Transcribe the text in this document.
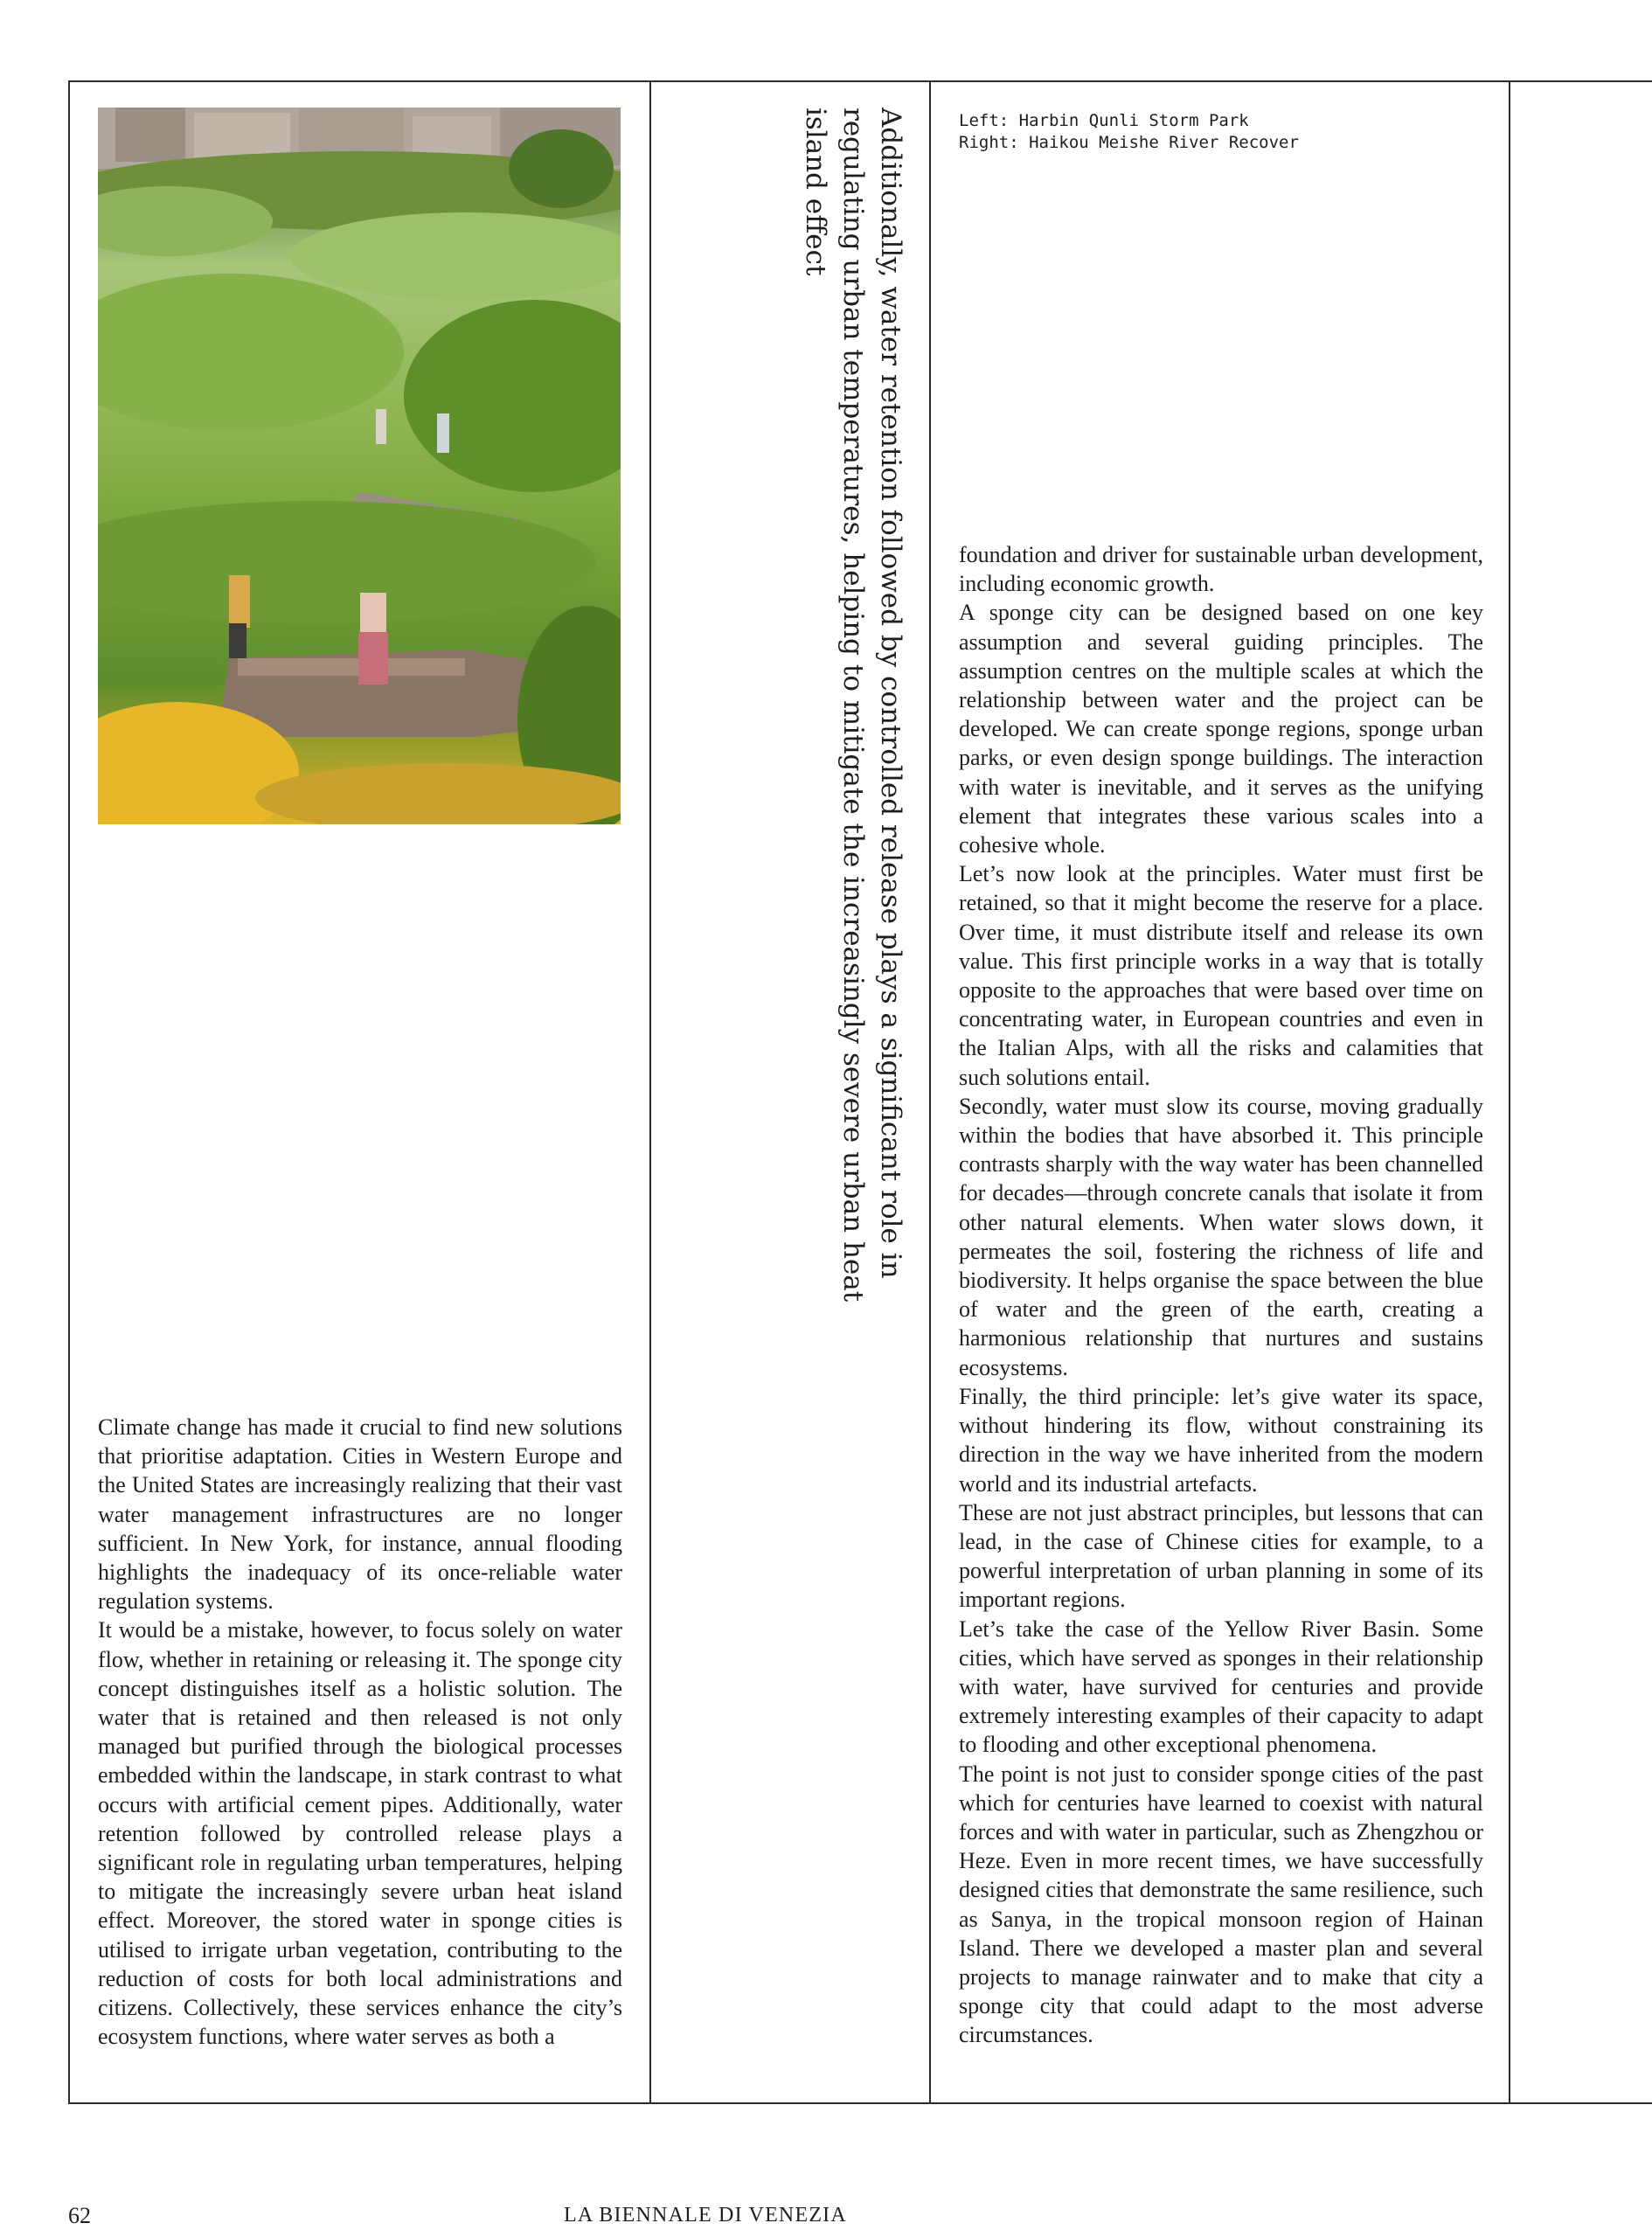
Additionally, water retention followed by controlled release plays a significant role in regulating urban temperatures, helping to mitigate the increasingly severe urban heat island effect	Left: Harbin Qunli Storm Park
Right: Haikou Meishe River Recover

Climate change has made it crucial to find new solutions that prioritise adaptation. Cities in Western Europe and the United States are increasingly realizing that their vast water management infrastructures are no longer sufficient. In New York, for instance, annual flooding highlights the inadequacy of its once-reliable water regulation systems.

It would be a mistake, however, to focus solely on water flow, whether in retaining or releasing it. The sponge city concept distinguishes itself as a holistic solution. The water that is retained and then released is not only managed but purified through the biological processes embedded within the landscape, in stark contrast to what occurs with artificial cement pipes. Additionally, water retention followed by controlled release plays a significant role in regulating urban temperatures, helping to mitigate the increasingly severe urban heat island effect. Moreover, the stored water in sponge cities is utilised to irrigate urban vegetation, contributing to the reduction of costs for both local administrations and citizens. Collectively, these services enhance the city’s ecosystem functions, where water serves as both a

foundation and driver for sustainable urban development, including economic growth.

A sponge city can be designed based on one key assumption and several guiding principles. The assumption centres on the multiple scales at which the relationship between water and the project can be developed. We can create sponge regions, sponge urban parks, or even design sponge buildings. The interaction with water is inevitable, and it serves as the unifying element that integrates these various scales into a cohesive whole.

Let’s now look at the principles. Water must first be retained, so that it might become the reserve for a place. Over time, it must distribute itself and release its own value. This first principle works in a way that is totally opposite to the approaches that were based over time on concentrating water, in European countries and even in the Italian Alps, with all the risks and calamities that such solutions entail.

Secondly, water must slow its course, moving gradually within the bodies that have absorbed it. This principle contrasts sharply with the way water has been channelled for decades—through concrete canals that isolate it from other natural elements. When water slows down, it permeates the soil, fostering the richness of life and biodiversity. It helps organise the space between the blue of water and the green of the earth, creating a harmonious relationship that nurtures and sustains ecosystems.

Finally, the third principle: let’s give water its space, without hindering its flow, without constraining its direction in the way we have inherited from the modern world and its industrial artefacts.

These are not just abstract principles, but lessons that can lead, in the case of Chinese cities for example, to a powerful interpretation of urban planning in some of its important regions.

Let’s take the case of the Yellow River Basin. Some cities, which have served as sponges in their relationship with water, have survived for centuries and provide extremely interesting examples of their capacity to adapt to flooding and other exceptional phenomena.

The point is not just to consider sponge cities of the past which for centuries have learned to coexist with natural forces and with water in particular, such as Zhengzhou or Heze. Even in more recent times, we have successfully designed cities that demonstrate the same resilience, such as Sanya, in the tropical monsoon region of Hainan Island. There we developed a master plan and several projects to manage rainwater and to make that city a sponge city that could adapt to the most adverse circumstances.

62	LA BIENNALE DI VENEZIA
